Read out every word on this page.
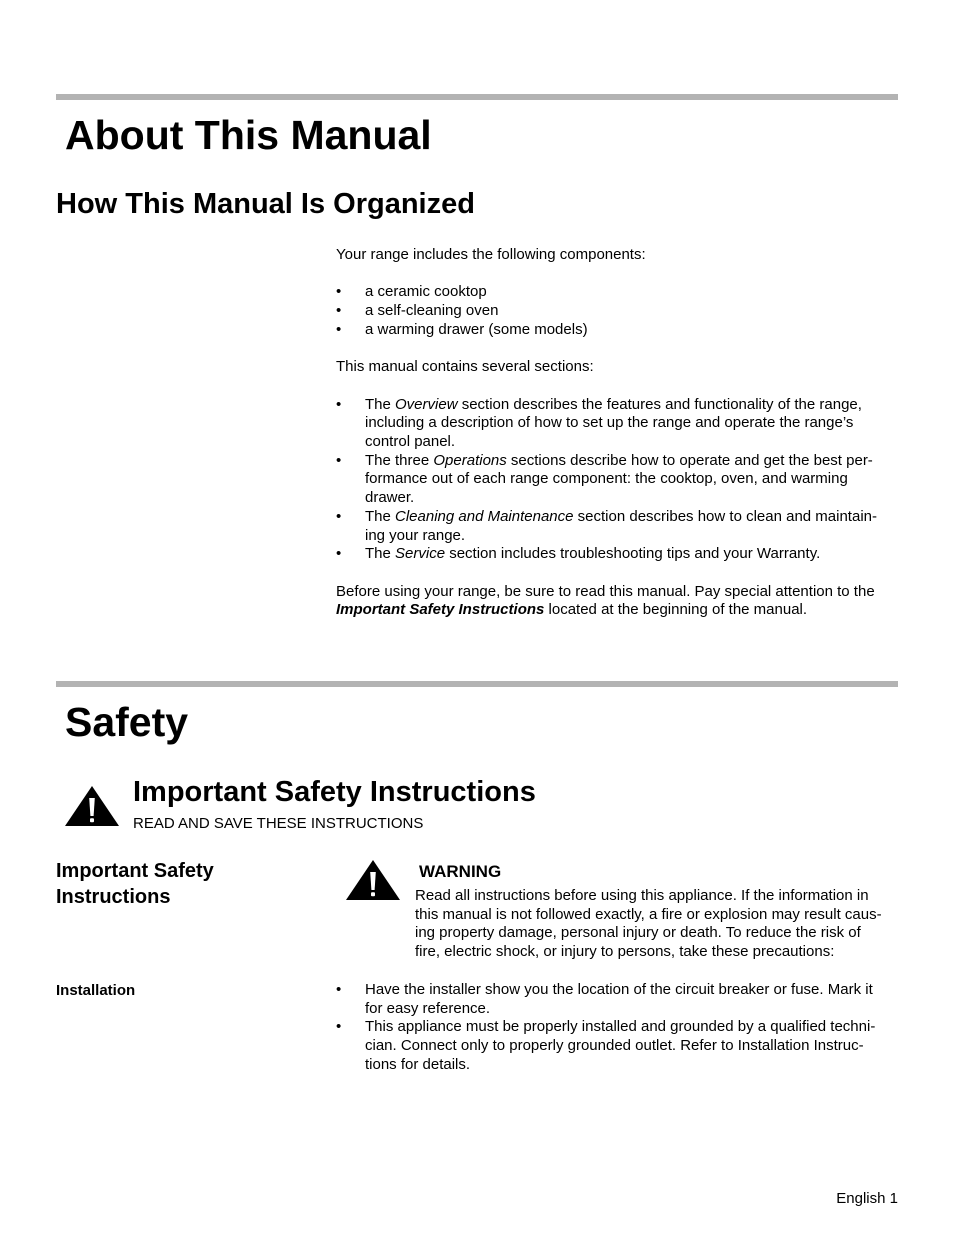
About This Manual
How This Manual Is Organized

Your range includes the following components:

• a ceramic cooktop
• a self-cleaning oven
• a warming drawer (some models)

This manual contains several sections:

• The Overview section describes the features and functionality of the range,
including a description of how to set up the range and operate the range’s
control panel.
• The three Operations sections describe how to operate and get the best per-
formance out of each range component: the cooktop, oven, and warming
drawer.
• The Cleaning and Maintenance section describes how to clean and maintain-
ing your range.
• The Service section includes troubleshooting tips and your Warranty.

Before using your range, be sure to read this manual. Pay special attention to the
Important Safety Instructions located at the beginning of the manual.

Safety
Important Safety Instructions
READ AND SAVE THESE INSTRUCTIONS
Important Safety
Instructions
WARNING
Read all instructions before using this appliance. If the information in
this manual is not followed exactly, a fire or explosion may result caus-
ing property damage, personal injury or death. To reduce the risk of
fire, electric shock, or injury to persons, take these precautions:
Installation
•	Have the installer show you the location of the circuit breaker or fuse. Mark it
for easy reference.
• This appliance must be properly installed and grounded by a qualified techni-
cian. Connect only to properly grounded outlet. Refer to Installation Instruc-
tions for details.
English 1
